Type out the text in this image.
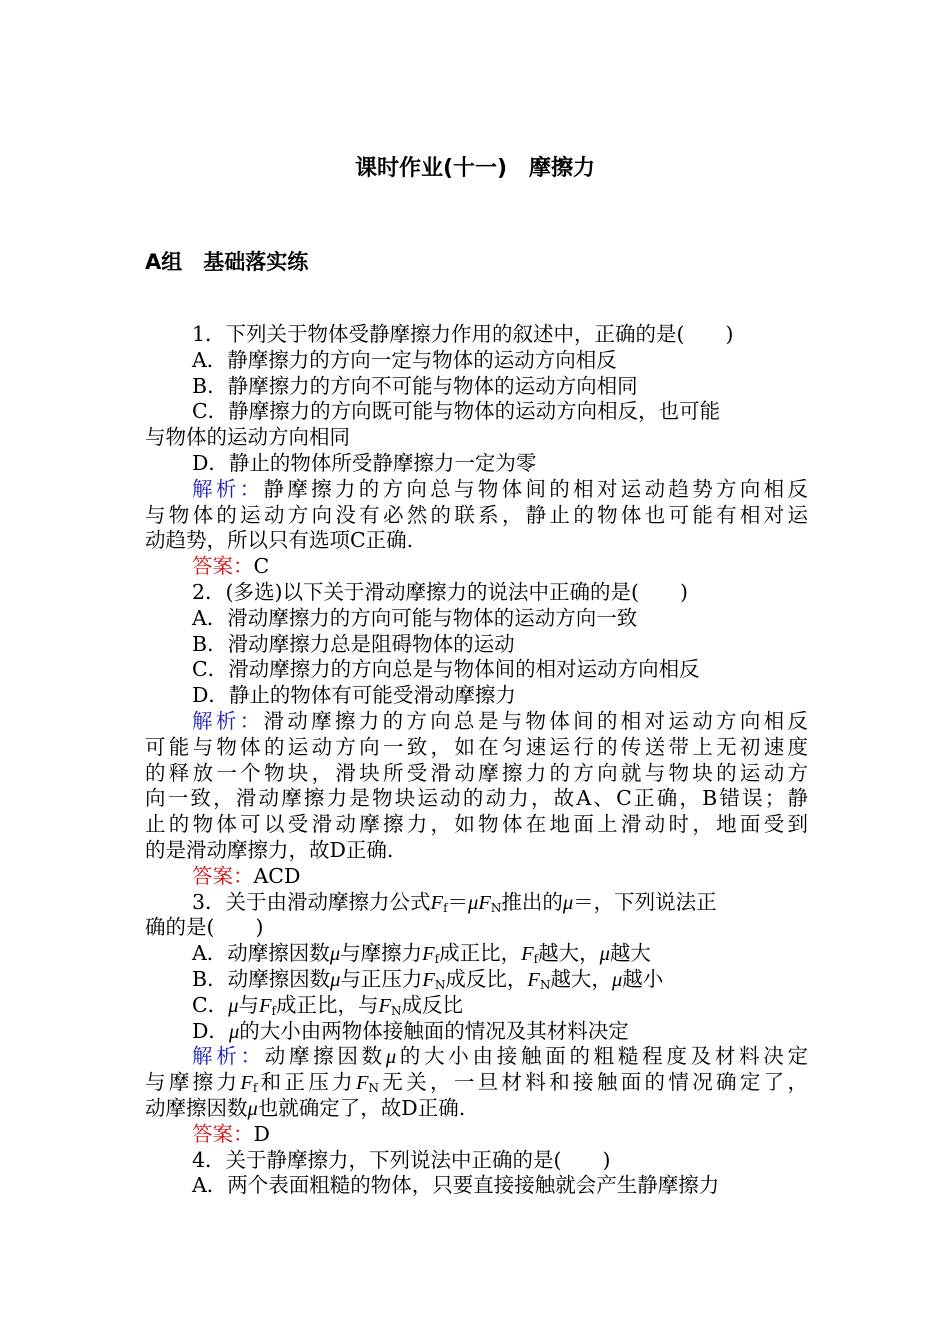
课时作业(十一)　摩擦力
A组　基础落实练
1．下列关于物体受静摩擦力作用的叙述中，正确的是(　　)
A．静摩擦力的方向一定与物体的运动方向相反
B．静摩擦力的方向不可能与物体的运动方向相同
C．静摩擦力的方向既可能与物体的运动方向相反，也可能
与物体的运动方向相同
D．静止的物体所受静摩擦力一定为零
解析：静摩擦力的方向总与物体间的相对运动趋势方向相反
与物体的运动方向没有必然的联系，静止的物体也可能有相对运
动趋势，所以只有选项C正确.
答案：C
2．(多选)以下关于滑动摩擦力的说法中正确的是(　　)
A．滑动摩擦力的方向可能与物体的运动方向一致
B．滑动摩擦力总是阻碍物体的运动
C．滑动摩擦力的方向总是与物体间的相对运动方向相反
D．静止的物体有可能受滑动摩擦力
解析：滑动摩擦力的方向总是与物体间的相对运动方向相反
可能与物体的运动方向一致，如在匀速运行的传送带上无初速度
的释放一个物块，滑块所受滑动摩擦力的方向就与物块的运动方
向一致，滑动摩擦力是物块运动的动力，故A、C正确，B错误；静
止的物体可以受滑动摩擦力，如物体在地面上滑动时，地面受到
的是滑动摩擦力，故D正确.
答案：ACD
3．关于由滑动摩擦力公式$F_f=\mu F_N$推出的μ＝，下列说法正
确的是(　　)
A．动摩擦因数μ与摩擦力$F_f$成正比，$F_f$越大，μ越大
B．动摩擦因数μ与正压力$F_N$成反比，$F_N$越大，μ越小
C．μ与$F_f$成正比，与$F_N$成反比
D．μ的大小由两物体接触面的情况及其材料决定
解析：动摩擦因数μ的大小由接触面的粗糙程度及材料决定
与摩擦力$F_f$和正压力$F_N$无关，一旦材料和接触面的情况确定了，
动摩擦因数μ也就确定了，故D正确.
答案：D
4．关于静摩擦力，下列说法中正确的是(　　)
A．两个表面粗糙的物体，只要直接接触就会产生静摩擦力
